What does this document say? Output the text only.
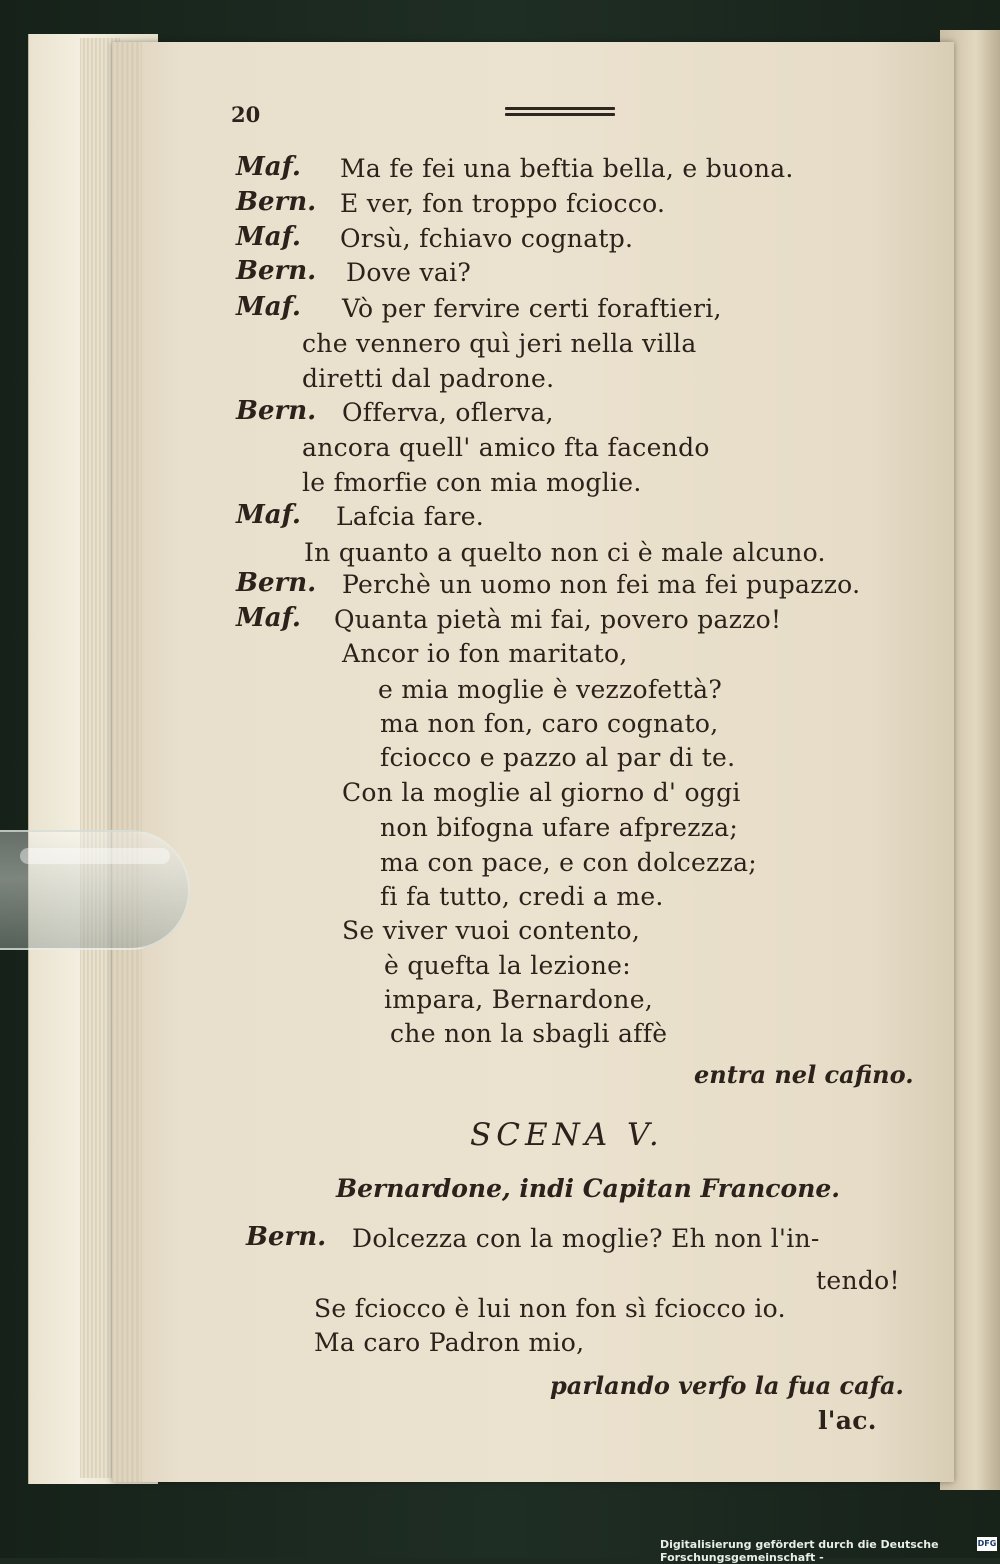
20
Maf. Ma fe fei una beftia bella, e buona.
Bern. E ver, fon troppo fciocco.
Maf. Orsù, fchiavo cognatp.
Bern. Dove vai?
Maf. Vò per fervire certi foraftieri,
che vennero quì jeri nella villa
diretti dal padrone.
Bern. Offerva, oflerva,
ancora quell' amico fta facendo
le fmorfie con mia moglie.
Maf. Lafcia fare.
In quanto a quelto non ci è male alcuno.
Bern. Perchè un uomo non fei ma fei pupazzo.
Maf. Quanta pietà mi fai, povero pazzo!
Ancor io fon maritato,
e mia moglie è vezzofettà?
ma non fon, caro cognato,
fciocco e pazzo al par di te.
Con la moglie al giorno d' oggi
non bifogna ufare afprezza;
ma con pace, e con dolcezza;
fi fa tutto, credi a me.
Se viver vuoi contento,
è quefta la lezione:
impara, Bernardone,
che non la sbagli affè
entra nel cafino.
SCENA V.
Bernardone, indi Capitan Francone.
Bern. Dolcezza con la moglie? Eh non l'in-
tendo!
Se fciocco è lui non fon sì fciocco io.
Ma caro Padron mio,
parlando verfo la fua cafa.
l'ac.
Digitalisierung gefördert durch die Deutsche Forschungsgemeinschaft -
DFG
